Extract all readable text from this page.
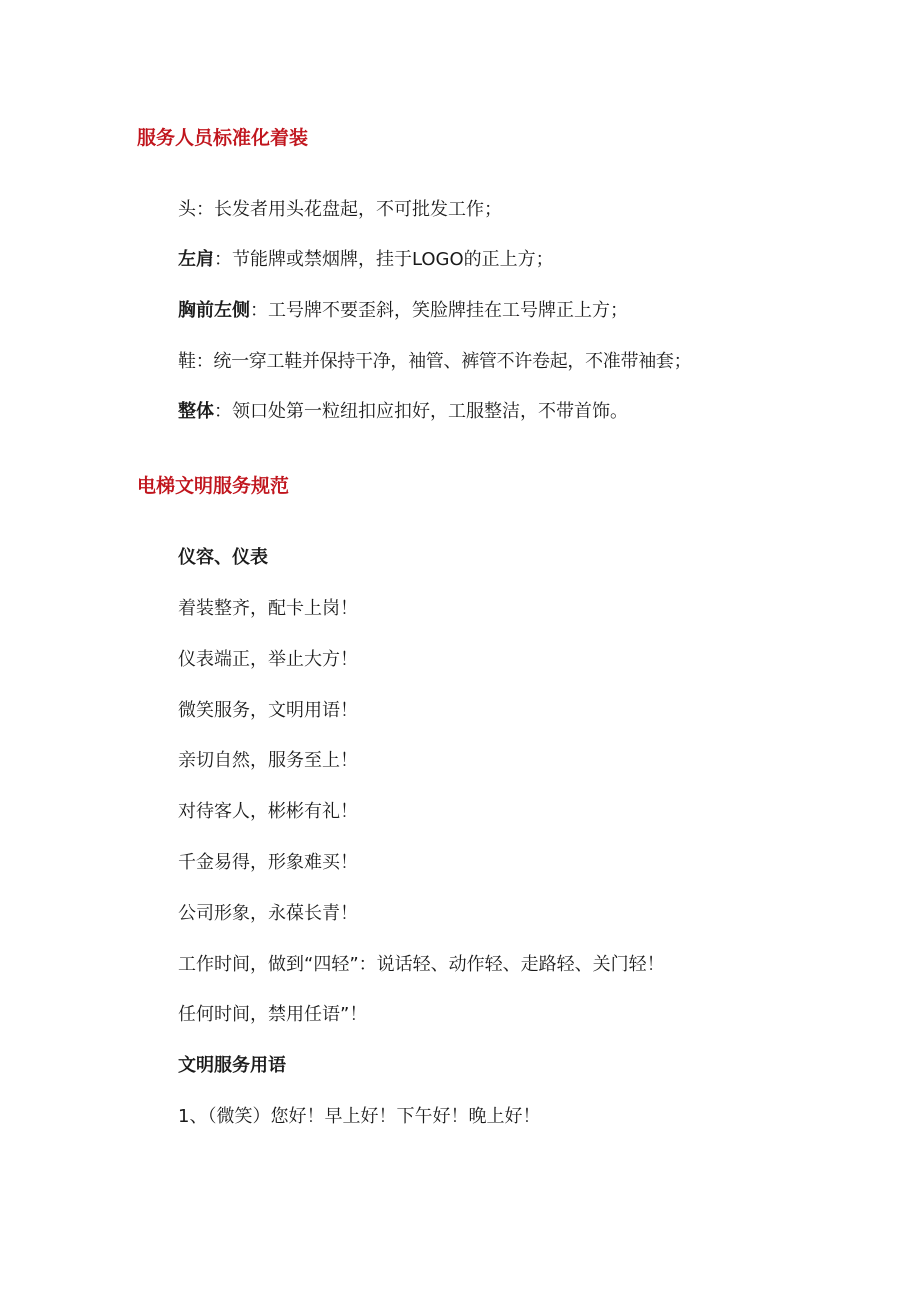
服务人员标准化着装
头：长发者用头花盘起，不可批发工作；
左肩：节能牌或禁烟牌，挂于LOGO的正上方；
胸前左侧：工号牌不要歪斜，笑脸牌挂在工号牌正上方；
鞋：统一穿工鞋并保持干净，袖管、裤管不许卷起，不准带袖套；
整体：领口处第一粒纽扣应扣好，工服整洁，不带首饰。
电梯文明服务规范
仪容、仪表
着装整齐，配卡上岗！
仪表端正，举止大方！
微笑服务，文明用语！
亲切自然，服务至上！
对待客人，彬彬有礼！
千金易得，形象难买！
公司形象，永葆长青！
工作时间，做到“四轻”：说话轻、动作轻、走路轻、关门轻！
任何时间，禁用任语”！
文明服务用语
1、（微笑）您好！早上好！下午好！晚上好！
